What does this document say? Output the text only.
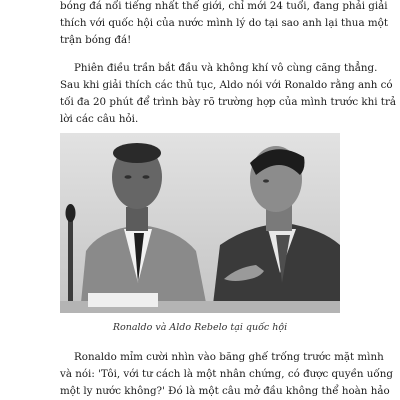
bóng đá nổi tiếng nhất thế giới, chỉ mới 24 tuổi, đang phải giải
thích với quốc hội của nước mình lý do tại sao anh lại thua một
trận bóng đá!

Phiên điều trần bắt đầu và không khí vô cùng căng thẳng.
Sau khi giải thích các thủ tục, Aldo nói với Ronaldo rằng anh có
tối đa 20 phút để trình bày rõ trường hợp của mình trước khi trả
lời các câu hỏi.

Ronaldo và Aldo Rebelo tại quốc hội

Ronaldo mỉm cười nhìn vào băng ghế trống trước mặt mình
và nói: 'Tôi, với tư cách là một nhân chứng, có được quyền uống
một ly nước không?' Đó là một câu mở đầu không thể hoàn hảo
